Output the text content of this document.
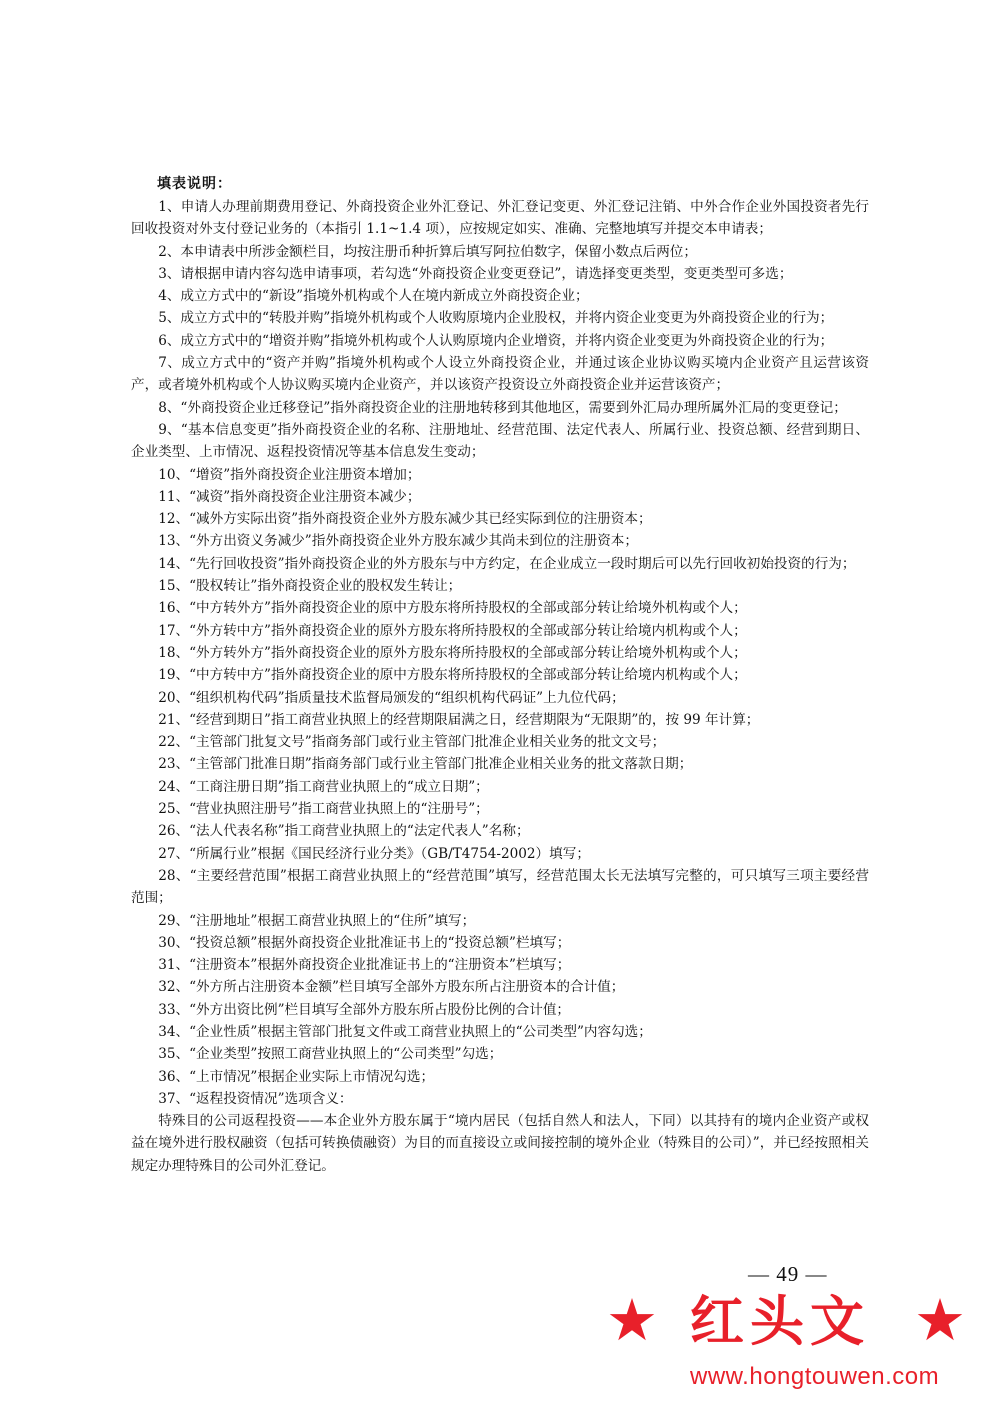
填表说明：

1、申请人办理前期费用登记、外商投资企业外汇登记、外汇登记变更、外汇登记注销、中外合作企业外国投资者先行回收投资对外支付登记业务的（本指引 1.1~1.4 项），应按规定如实、准确、完整地填写并提交本申请表；

2、本申请表中所涉金额栏目，均按注册币种折算后填写阿拉伯数字，保留小数点后两位；

3、请根据申请内容勾选申请事项，若勾选“外商投资企业变更登记”，请选择变更类型，变更类型可多选；

4、成立方式中的“新设”指境外机构或个人在境内新成立外商投资企业；

5、成立方式中的“转股并购”指境外机构或个人收购原境内企业股权，并将内资企业变更为外商投资企业的行为；

6、成立方式中的“增资并购”指境外机构或个人认购原境内企业增资，并将内资企业变更为外商投资企业的行为；

7、成立方式中的“资产并购”指境外机构或个人设立外商投资企业，并通过该企业协议购买境内企业资产且运营该资产，或者境外机构或个人协议购买境内企业资产，并以该资产投资设立外商投资企业并运营该资产；

8、“外商投资企业迁移登记”指外商投资企业的注册地转移到其他地区，需要到外汇局办理所属外汇局的变更登记；

9、“基本信息变更”指外商投资企业的名称、注册地址、经营范围、法定代表人、所属行业、投资总额、经营到期日、企业类型、上市情况、返程投资情况等基本信息发生变动；

10、“增资”指外商投资企业注册资本增加；

11、“减资”指外商投资企业注册资本减少；

12、“减外方实际出资”指外商投资企业外方股东减少其已经实际到位的注册资本；

13、“外方出资义务减少”指外商投资企业外方股东减少其尚未到位的注册资本；

14、“先行回收投资”指外商投资企业的外方股东与中方约定，在企业成立一段时期后可以先行回收初始投资的行为；

15、“股权转让”指外商投资企业的股权发生转让；

16、“中方转外方”指外商投资企业的原中方股东将所持股权的全部或部分转让给境外机构或个人；

17、“外方转中方”指外商投资企业的原外方股东将所持股权的全部或部分转让给境内机构或个人；

18、“外方转外方”指外商投资企业的原外方股东将所持股权的全部或部分转让给境外机构或个人；

19、“中方转中方”指外商投资企业的原中方股东将所持股权的全部或部分转让给境内机构或个人；

20、“组织机构代码”指质量技术监督局颁发的“组织机构代码证”上九位代码；

21、“经营到期日”指工商营业执照上的经营期限届满之日，经营期限为“无限期”的，按 99 年计算；

22、“主管部门批复文号”指商务部门或行业主管部门批准企业相关业务的批文文号；

23、“主管部门批准日期”指商务部门或行业主管部门批准企业相关业务的批文落款日期；

24、“工商注册日期”指工商营业执照上的“成立日期”；

25、“营业执照注册号”指工商营业执照上的“注册号”；

26、“法人代表名称”指工商营业执照上的“法定代表人”名称；

27、“所属行业”根据《国民经济行业分类》（GB/T4754-2002）填写；

28、“主要经营范围”根据工商营业执照上的“经营范围”填写，经营范围太长无法填写完整的，可只填写三项主要经营范围；

29、“注册地址”根据工商营业执照上的“住所”填写；

30、“投资总额”根据外商投资企业批准证书上的“投资总额”栏填写；

31、“注册资本”根据外商投资企业批准证书上的“注册资本”栏填写；

32、“外方所占注册资本金额”栏目填写全部外方股东所占注册资本的合计值；

33、“外方出资比例”栏目填写全部外方股东所占股份比例的合计值；

34、“企业性质”根据主管部门批复文件或工商营业执照上的“公司类型”内容勾选；

35、“企业类型”按照工商营业执照上的“公司类型”勾选；

36、“上市情况”根据企业实际上市情况勾选；

37、“返程投资情况”选项含义：

特殊目的公司返程投资——本企业外方股东属于“境内居民（包括自然人和法人，下同）以其持有的境内企业资产或权益在境外进行股权融资（包括可转换债融资）为目的而直接设立或间接控制的境外企业（特殊目的公司）”，并已经按照相关规定办理特殊目的公司外汇登记。

— 49 —
★ 红头文 ★
www.hongtouwen.com
